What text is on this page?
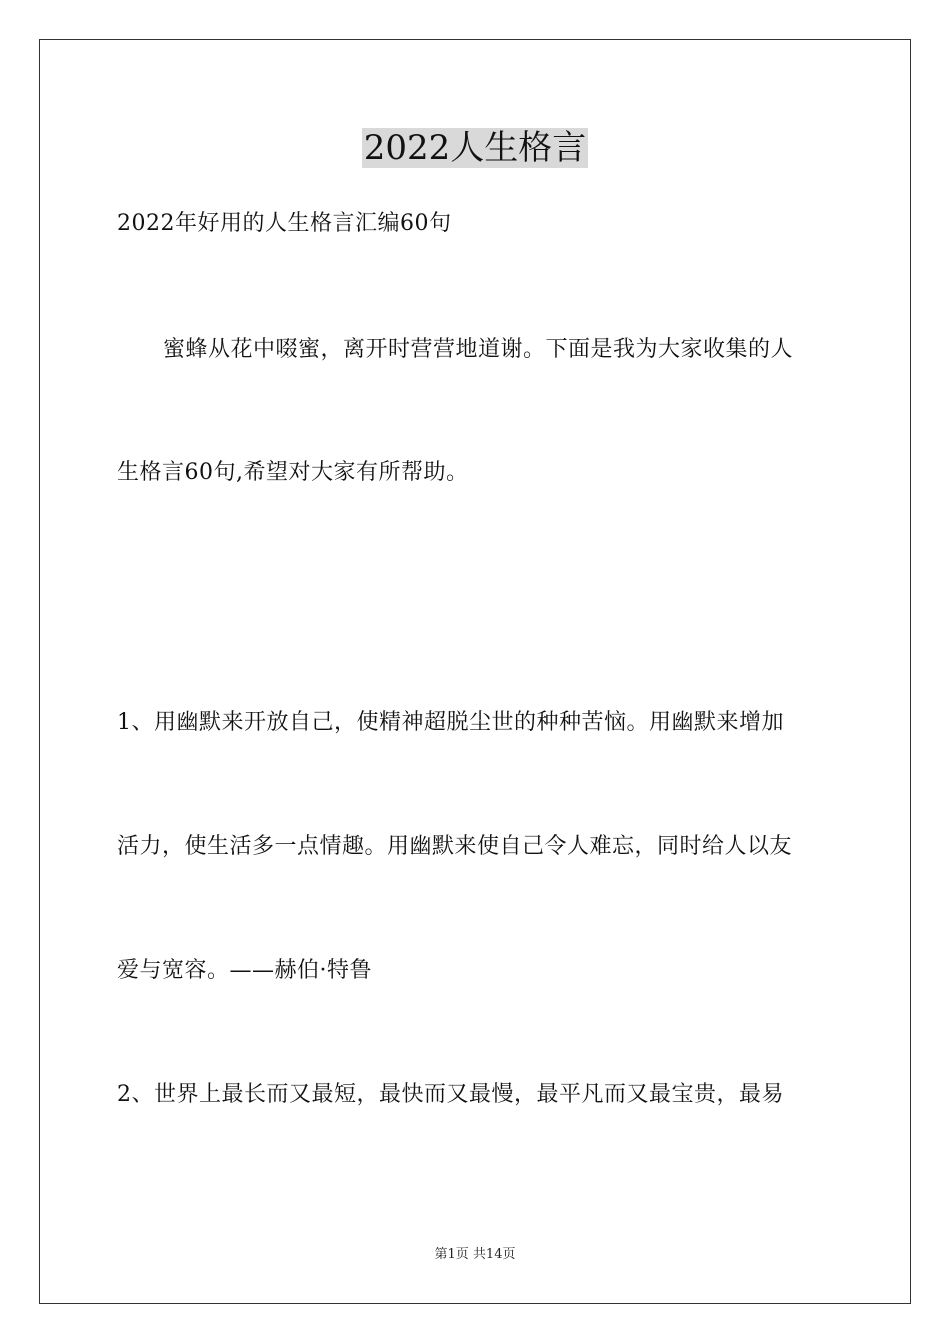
2022人生格言
2022年好用的人生格言汇编60句
蜜蜂从花中啜蜜，离开时营营地道谢。下面是我为大家收集的人
生格言60句,希望对大家有所帮助。
1、用幽默来开放自己，使精神超脱尘世的种种苦恼。用幽默来增加
活力，使生活多一点情趣。用幽默来使自己令人难忘，同时给人以友
爱与宽容。——赫伯·特鲁
2、世界上最长而又最短，最快而又最慢，最平凡而又最宝贵，最易
第1页 共14页
